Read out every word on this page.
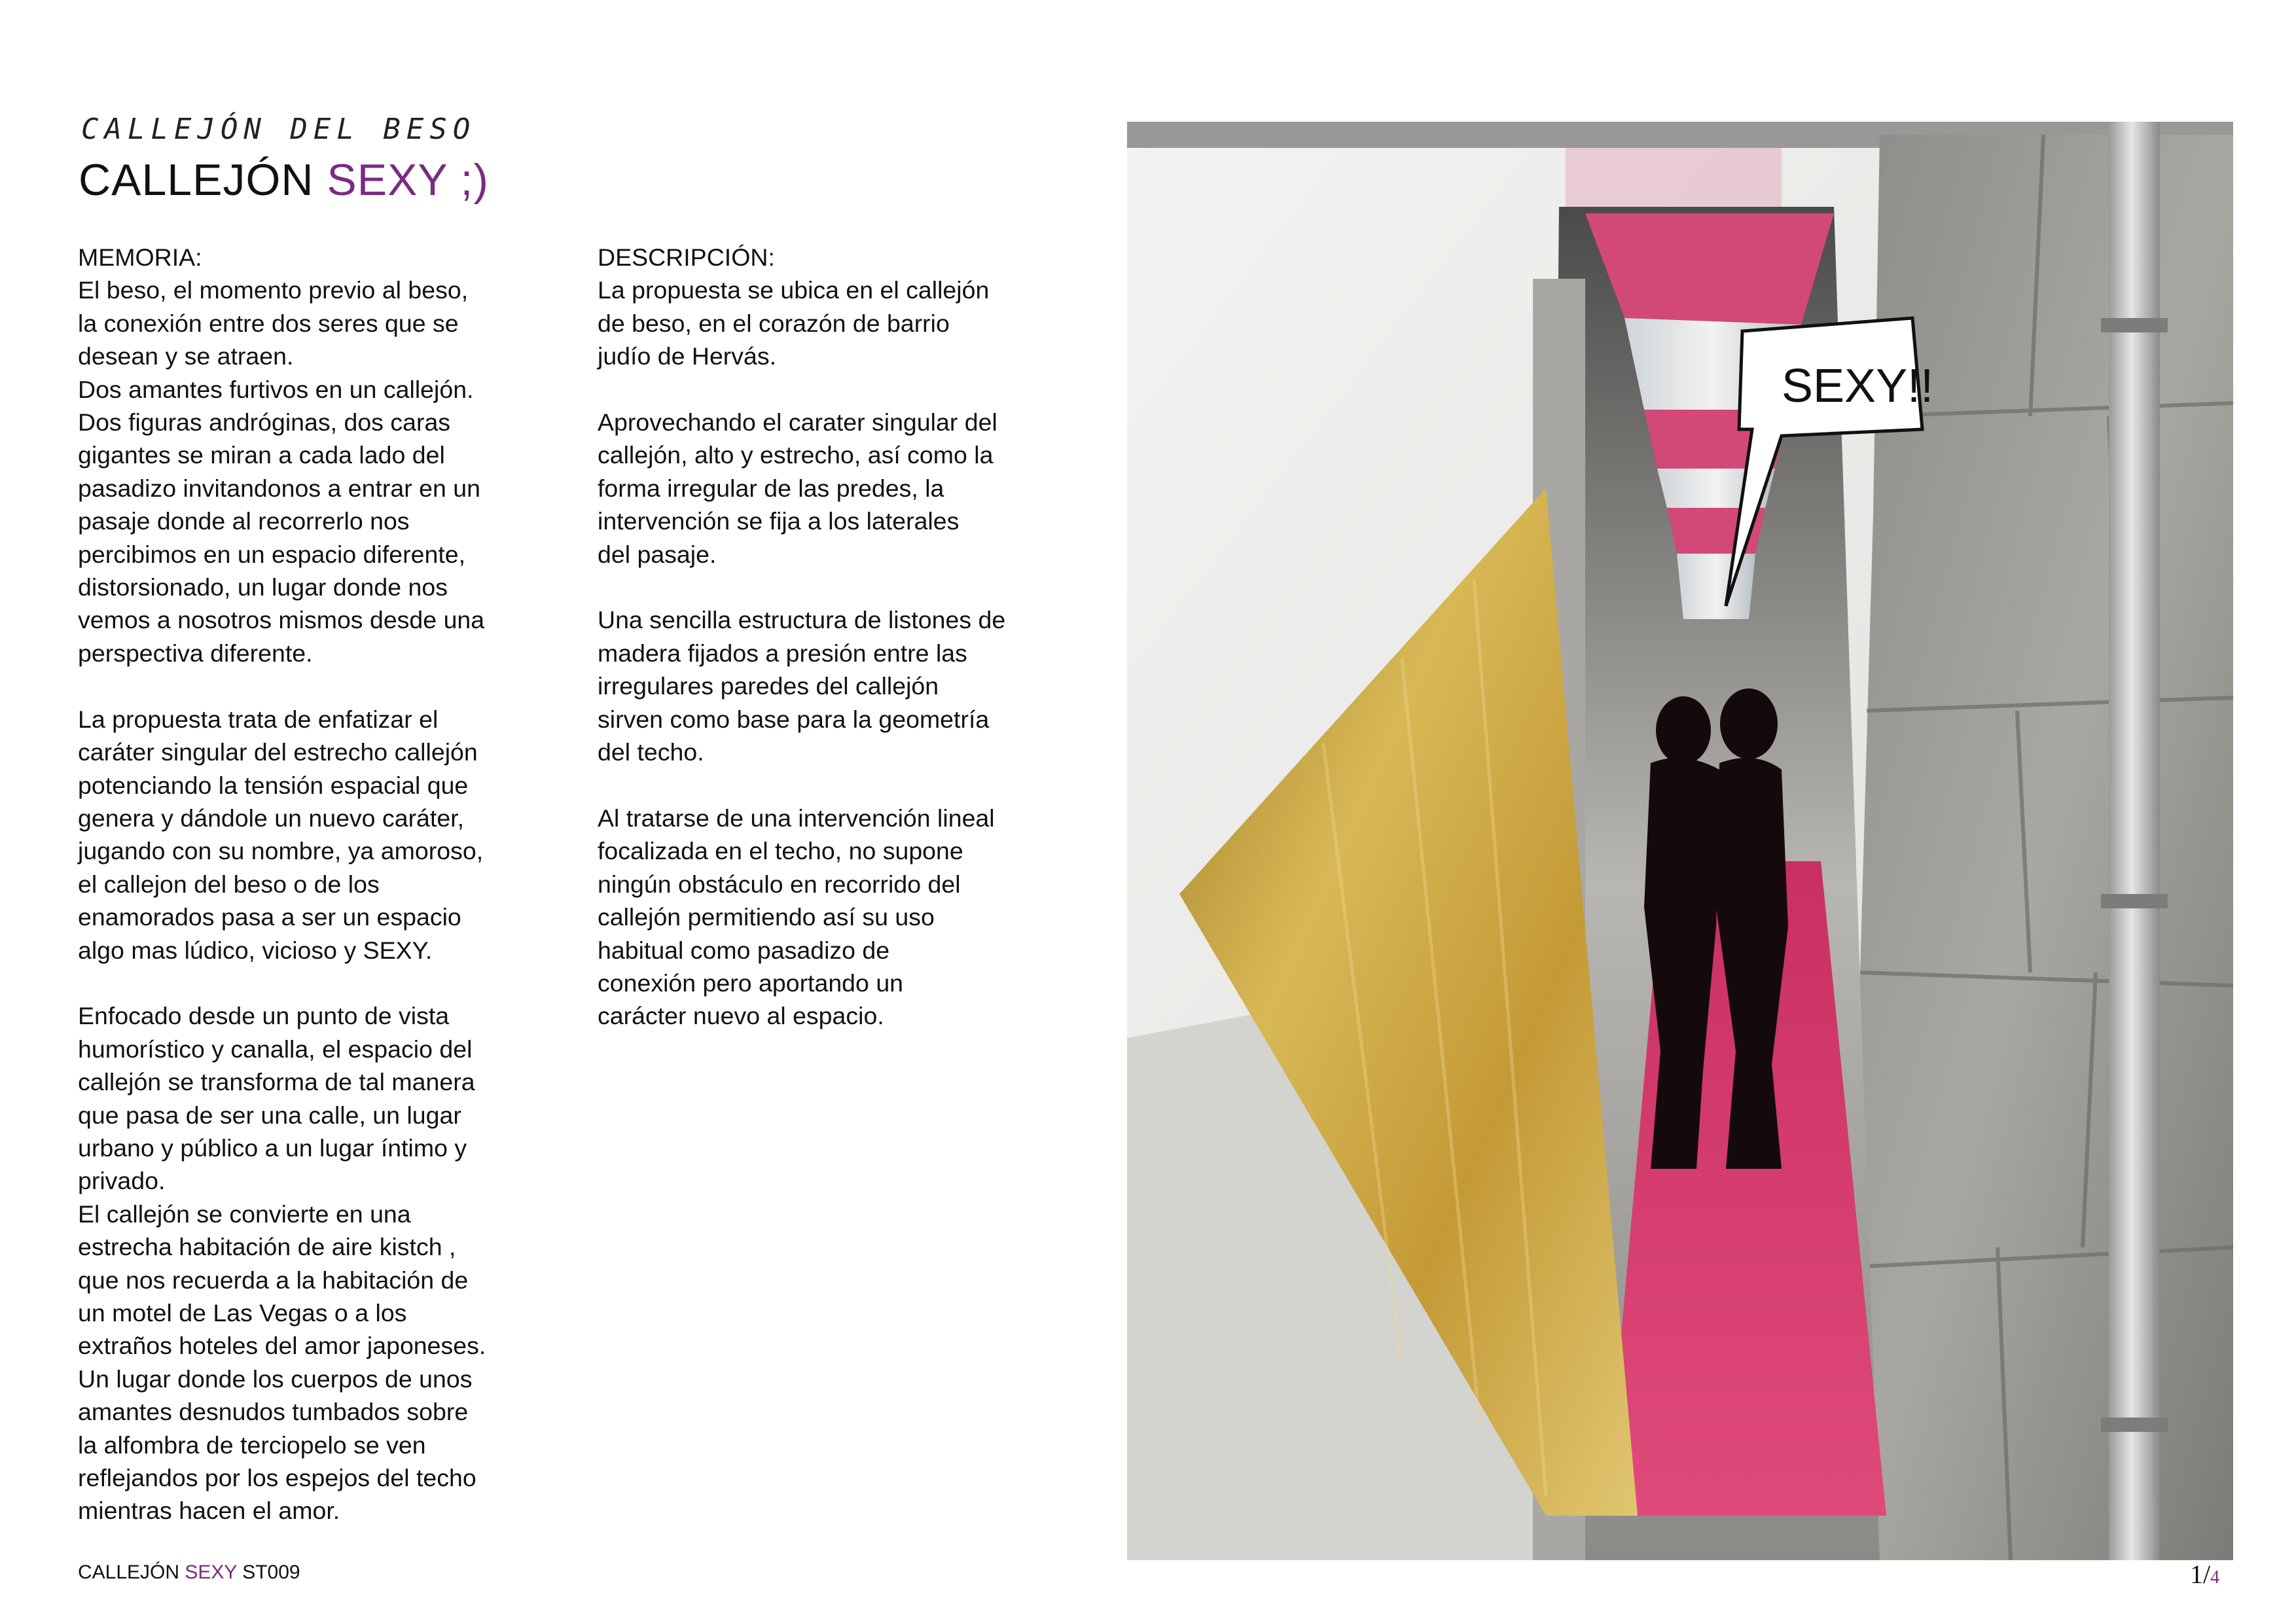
CALLEJÓN DEL BESO
CALLEJÓN SEXY ;)
MEMORIA:
El beso, el momento previo al beso,
la conexión entre dos seres que se
desean y se atraen.
Dos amantes furtivos en un callejón.
Dos figuras andróginas, dos caras
gigantes se miran a cada lado del
pasadizo invitandonos a entrar en un
pasaje donde al recorrerlo nos
percibimos en un espacio diferente,
distorsionado, un lugar donde nos
vemos a nosotros mismos desde una
perspectiva diferente.

La propuesta trata de enfatizar el
caráter singular del estrecho callejón
potenciando la tensión espacial que
genera y dándole un nuevo caráter,
jugando con su nombre, ya amoroso,
el callejon del beso o de los
enamorados pasa a ser un espacio
algo mas lúdico, vicioso y SEXY.

Enfocado desde un punto de vista
humorístico y canalla, el espacio del
callejón se transforma de tal manera
que pasa de ser una calle, un lugar
urbano y público a un lugar íntimo y
privado.
El callejón se convierte en una
estrecha habitación de aire kistch ,
que nos recuerda a la habitación de
un motel de Las Vegas o a los
extraños hoteles del amor japoneses.
Un lugar donde los cuerpos de unos
amantes desnudos tumbados sobre
la alfombra de terciopelo se ven
reflejandos por los espejos del techo
mientras hacen el amor.
DESCRIPCIÓN:
La propuesta se ubica en el callejón
de beso, en el corazón de barrio
judío de Hervás.

Aprovechando el carater singular del
callejón, alto y estrecho, así como la
forma irregular de las predes, la
intervención se fija a los laterales
del pasaje.

Una sencilla estructura de listones de
madera fijados a presión entre las
irregulares paredes del callejón
sirven como base para la geometría
del techo.

Al tratarse de una intervención lineal
focalizada en el techo, no supone
ningún obstáculo en recorrido del
callejón permitiendo así su uso
habitual como pasadizo de
conexión pero aportando un
carácter nuevo al espacio.
SEXY!!
CALLEJÓN SEXY ST009	1/4
